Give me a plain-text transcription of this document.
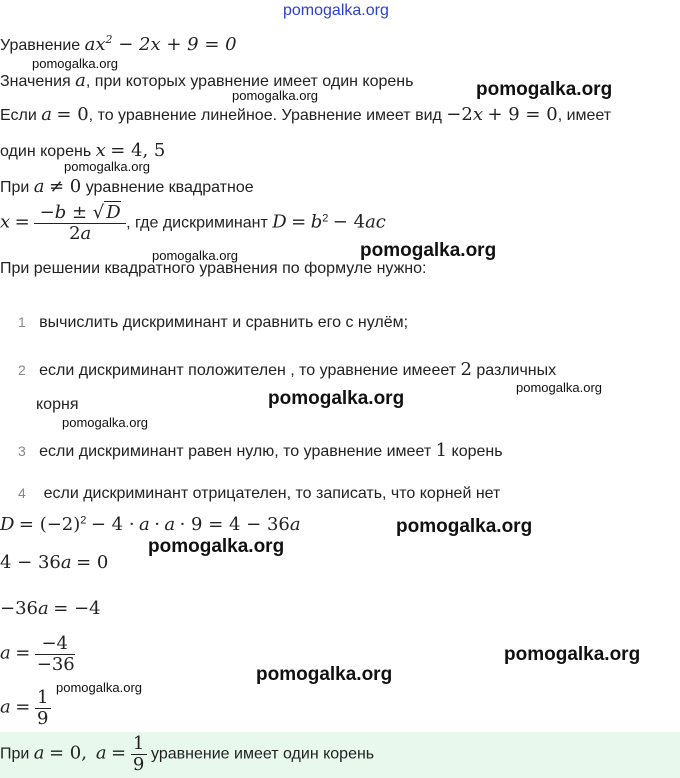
pomogalka.org
Уравнение $ax^2 - 2x + 9 = 0$
pomogalka.org
Значения a, при которых уравнение имеет один корень	pomogalka.org
pomogalka.org
Если a = 0, то уравнение линейное. Уравнение имеет вид −2x + 9 = 0, имеет
один корень x = 4, 5
pomogalka.org
При a ≠ 0 уравнение квадратное
$x = \frac{-b \pm √ D}{2a}$ , где дискриминант $D = b^2 - 4ac$
pomogalka.org	pomogalka.org
При решении квадратного уравнения по формуле нужно:
1 вычислить дискриминант и сравнить его с нулём;
2 если дискриминант положителен , то уравнение имееет 2 различных
корня
pomogalka.org
pomogalka.org
pomogalka.org
3 если дискриминант равен нулю, то уравнение имеет 1 корень
4 если дискриминант отрицателен, то записать, что корней нет
$D = (-2)^2 - 4 \cdot a \cdot a \cdot 9 = 4 - 36a$	pomogalka.org
pomogalka.org
4 − 36a = 0
−36a = −4
$a = \frac{-4}{-36}$	pomogalka.org
pomogalka.org
$a = \frac{1}{9}$
pomogalka.org
При a = 0, $a = \frac{1}{9}$ уравнение имеет один корень
